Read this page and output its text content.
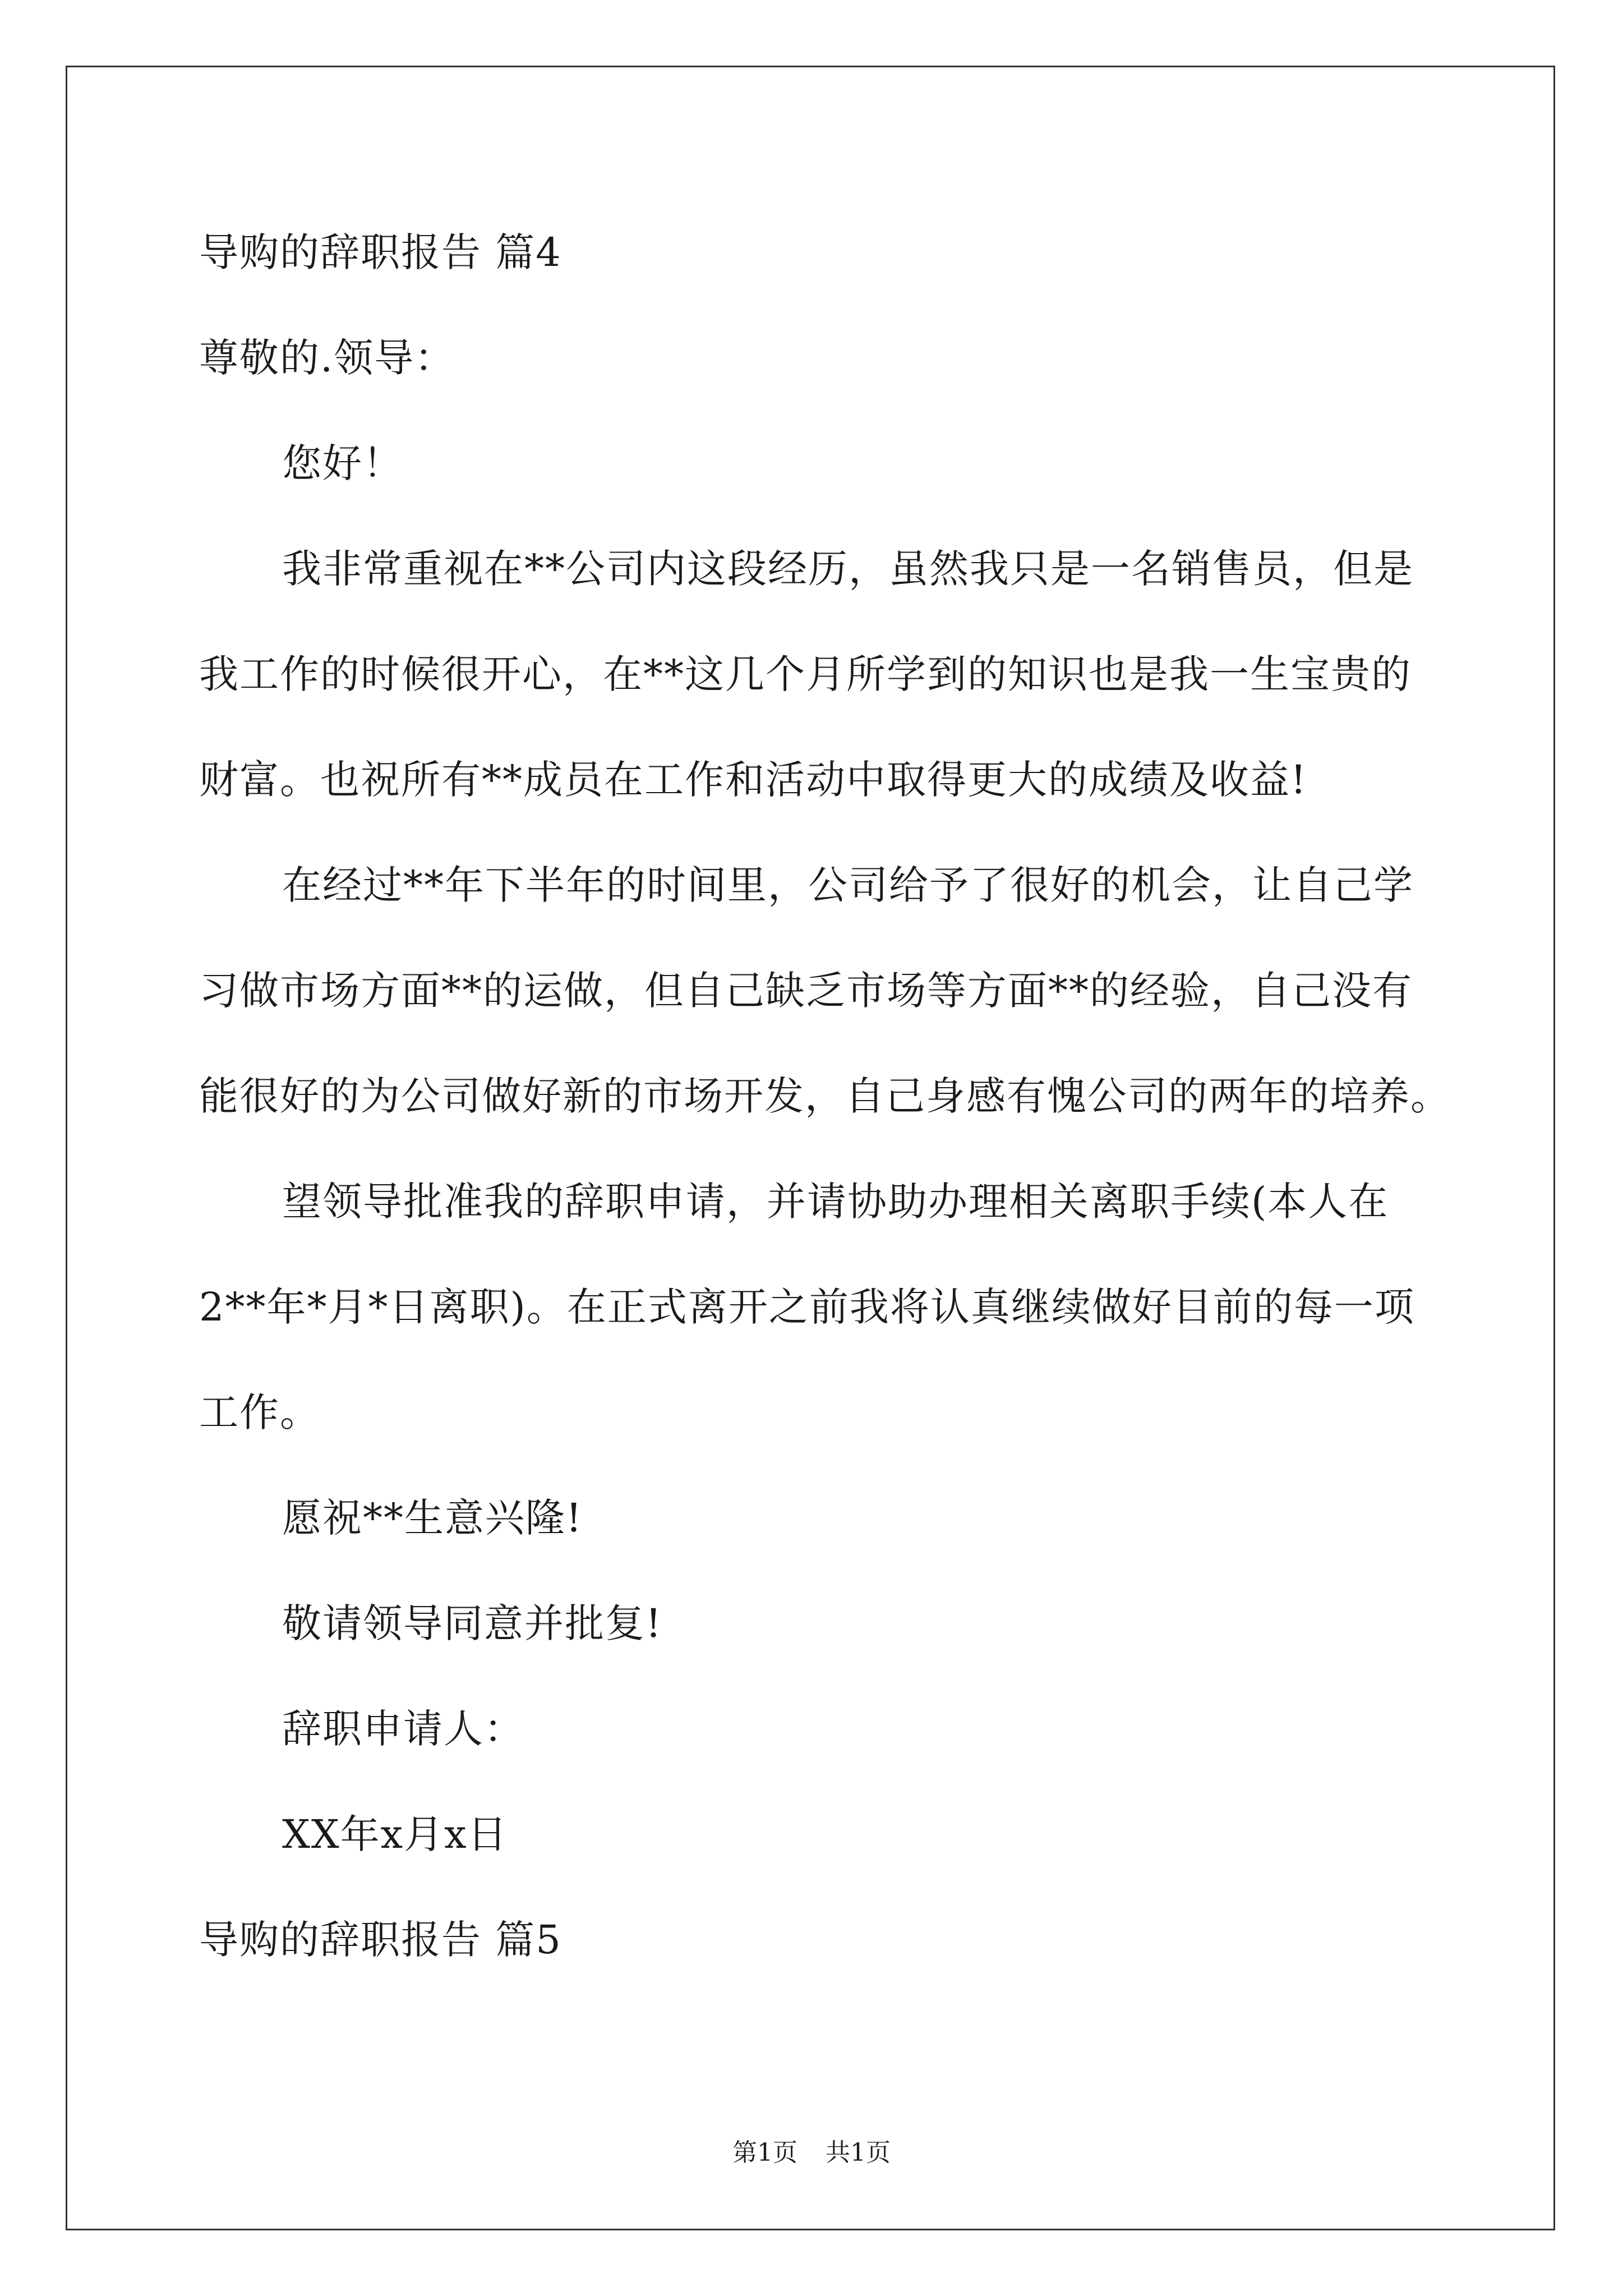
导购的辞职报告 篇4
尊敬的.领导：
您好！
我非常重视在**公司内这段经历，虽然我只是一名销售员，但是
我工作的时候很开心，在**这几个月所学到的知识也是我一生宝贵的
财富。也祝所有**成员在工作和活动中取得更大的成绩及收益!
在经过**年下半年的时间里，公司给予了很好的机会，让自己学
习做市场方面**的运做，但自己缺乏市场等方面**的经验，自己没有
能很好的为公司做好新的市场开发，自己身感有愧公司的两年的培养。
望领导批准我的辞职申请，并请协助办理相关离职手续(本人在
2**年*月*日离职)。在正式离开之前我将认真继续做好目前的每一项
工作。
愿祝**生意兴隆!
敬请领导同意并批复!
辞职申请人：
XX年x月x日
导购的辞职报告 篇5
第1页 共1页
